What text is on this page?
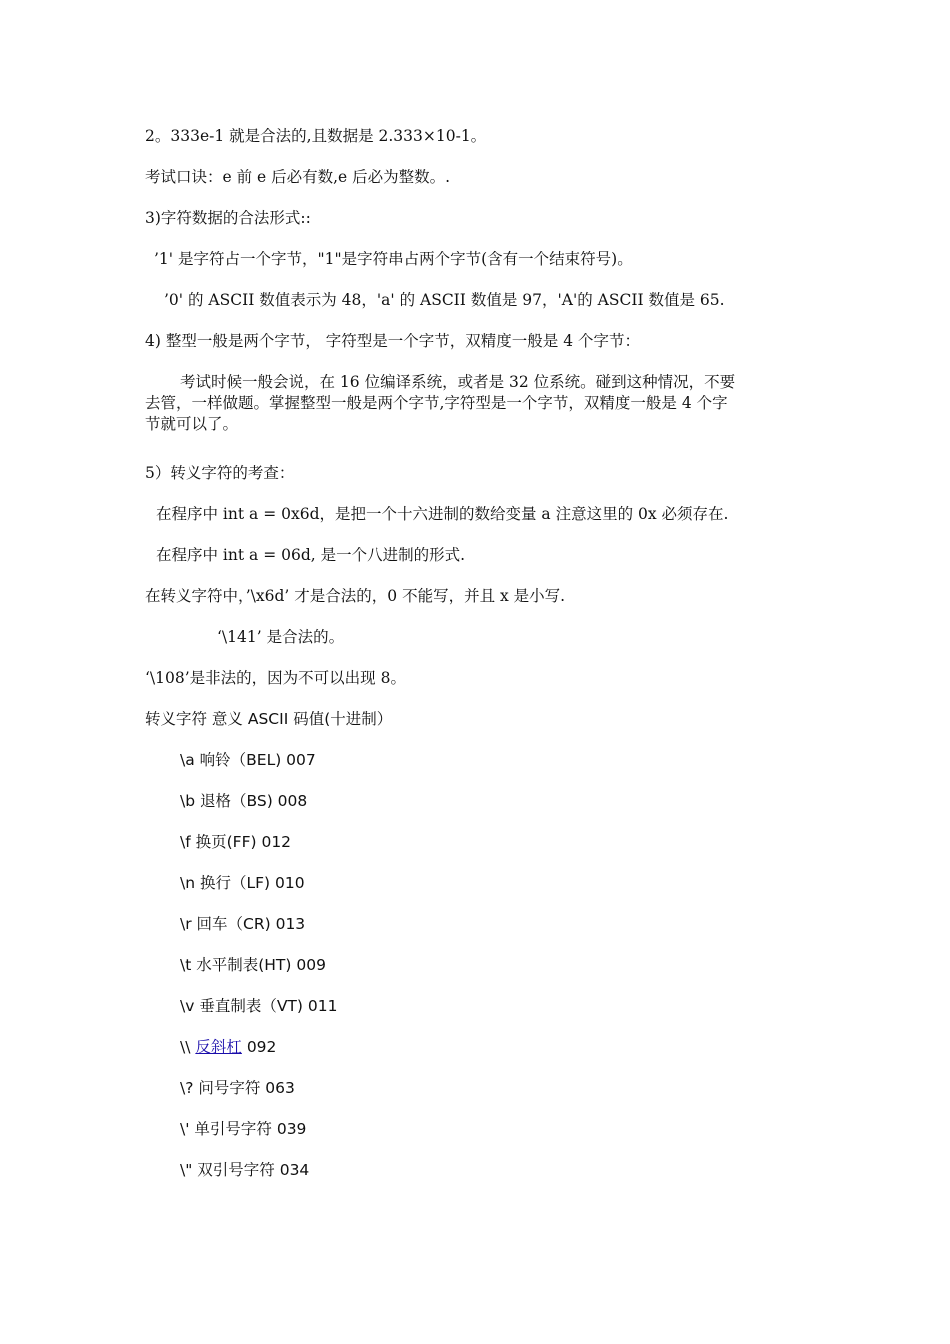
2。333e-1 就是合法的,且数据是 2.333×10-1。
考试口诀：e 前 e 后必有数,e 后必为整数。.
3)字符数据的合法形式::
’1' 是字符占一个字节，"1"是字符串占两个字节(含有一个结束符号)。
’0' 的 ASCII 数值表示为 48，'a' 的 ASCII 数值是 97，'A'的 ASCII 数值是 65.
4) 整型一般是两个字节， 字符型是一个字节，双精度一般是 4 个字节：
考试时候一般会说，在 16 位编译系统，或者是 32 位系统。碰到这种情况，不要
去管，一样做题。掌握整型一般是两个字节,字符型是一个字节，双精度一般是 4 个字
节就可以了。
5）转义字符的考查：
在程序中 int a = 0x6d，是把一个十六进制的数给变量 a 注意这里的 0x 必须存在.
在程序中 int a = 06d, 是一个八进制的形式.
在转义字符中，’\x6d’ 才是合法的，0 不能写，并且 x 是小写.
‘\141’ 是合法的。
‘\108’是非法的，因为不可以出现 8。
转义字符 意义 ASCII 码值(十进制）
\a 响铃（BEL) 007
\b 退格（BS) 008
\f 换页(FF) 012
\n 换行（LF) 010
\r 回车（CR) 013
\t 水平制表(HT) 009
\v 垂直制表（VT) 011
\\ 反斜杠 092
\? 问号字符 063
\' 单引号字符 039
\" 双引号字符 034
